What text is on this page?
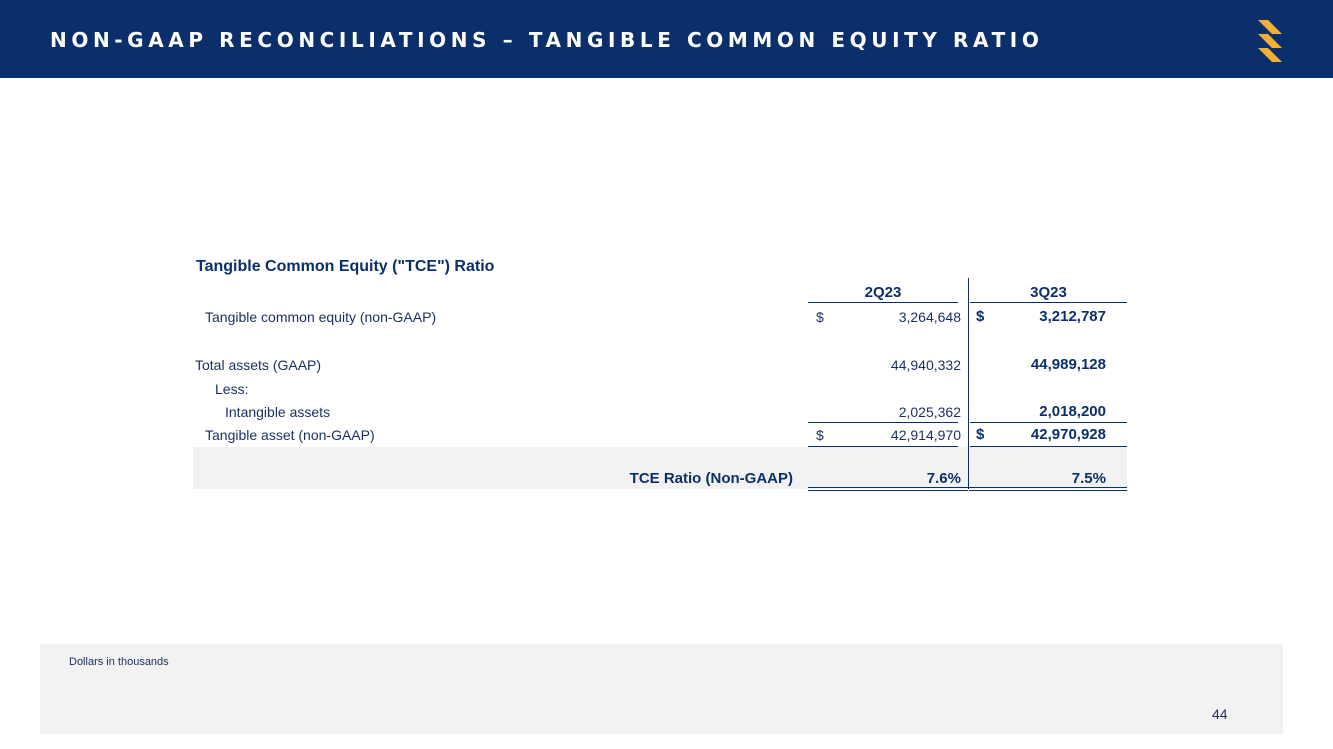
NON-GAAP RECONCILIATIONS – TANGIBLE COMMON EQUITY RATIO
Tangible Common Equity ("TCE") Ratio
2Q23	3Q23
Tangible common equity (non-GAAP)	$	3,264,648 $	3,212,787
Total assets (GAAP)	44,940,332	44,989,128
Less:
Intangible assets	2,025,362	2,018,200
Tangible asset (non-GAAP)	$	42,914,970 $	42,970,928
TCE Ratio (Non-GAAP)	7.6%	7.5%
Dollars in thousands
44
